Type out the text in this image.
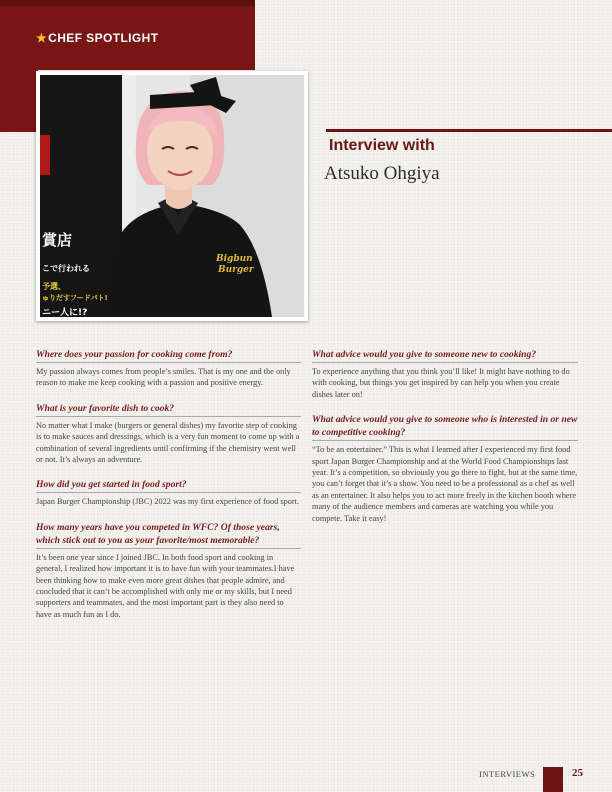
★CHEF SPOTLIGHT
賞店
こで行われる
予選、
ゅりだすフードバト!
ニー人に!?
Bigbun
Burger
Interview with
Atsuko Ohgiya
Where does your passion for cooking come from?
My passion always comes from people’s smiles. That is my one and the only reason to make me keep cooking with a passion and positive energy.
What is your favorite dish to cook?
No matter what I make (burgers or general dishes) my favorite step of cooking is to make sauces and dressings, which is a very fun moment to come up with a combination of several ingredients until confirming if the chemistry went well or not. It’s always an adventure.
How did you get started in food sport?
Japan Burger Championship (JBC) 2022 was my first experience of food sport.
How many years have you competed in WFC? Of those years, which stick out to you as your favorite/most memorable?
It’s been one year since I joined JBC. In both food sport and cooking in general, I realized how important it is to have fun with your teammates.I have been thinking how to make even more great dishes that people admire, and concluded that it can’t be accomplished with only me or my skills, but I need supporters and teammates, and the most important part is they also need to have as much fun as I do.
What advice would you give to someone new to cooking?
To experience anything that you think you’ll like! It might have nothing to do with cooking, but things you get inspired by can help you when you create dishes later on!
What advice would you give to someone who is interested in or new to competitive cooking?
“To be an entertainer.” This is what I learned after I experienced my first food sport Japan Burger Championship and at the World Food Championships last year. It’s a competition, so obviously you go there to fight, but at the same time, you can’t forget that it’s a show. You need to be a professional as a chef as well as an entertainer. It also helps you to act more freely in the kitchen booth where many of the audience members and cameras are watching you while you compete. Take it easy!
INTERVIEWS	25
